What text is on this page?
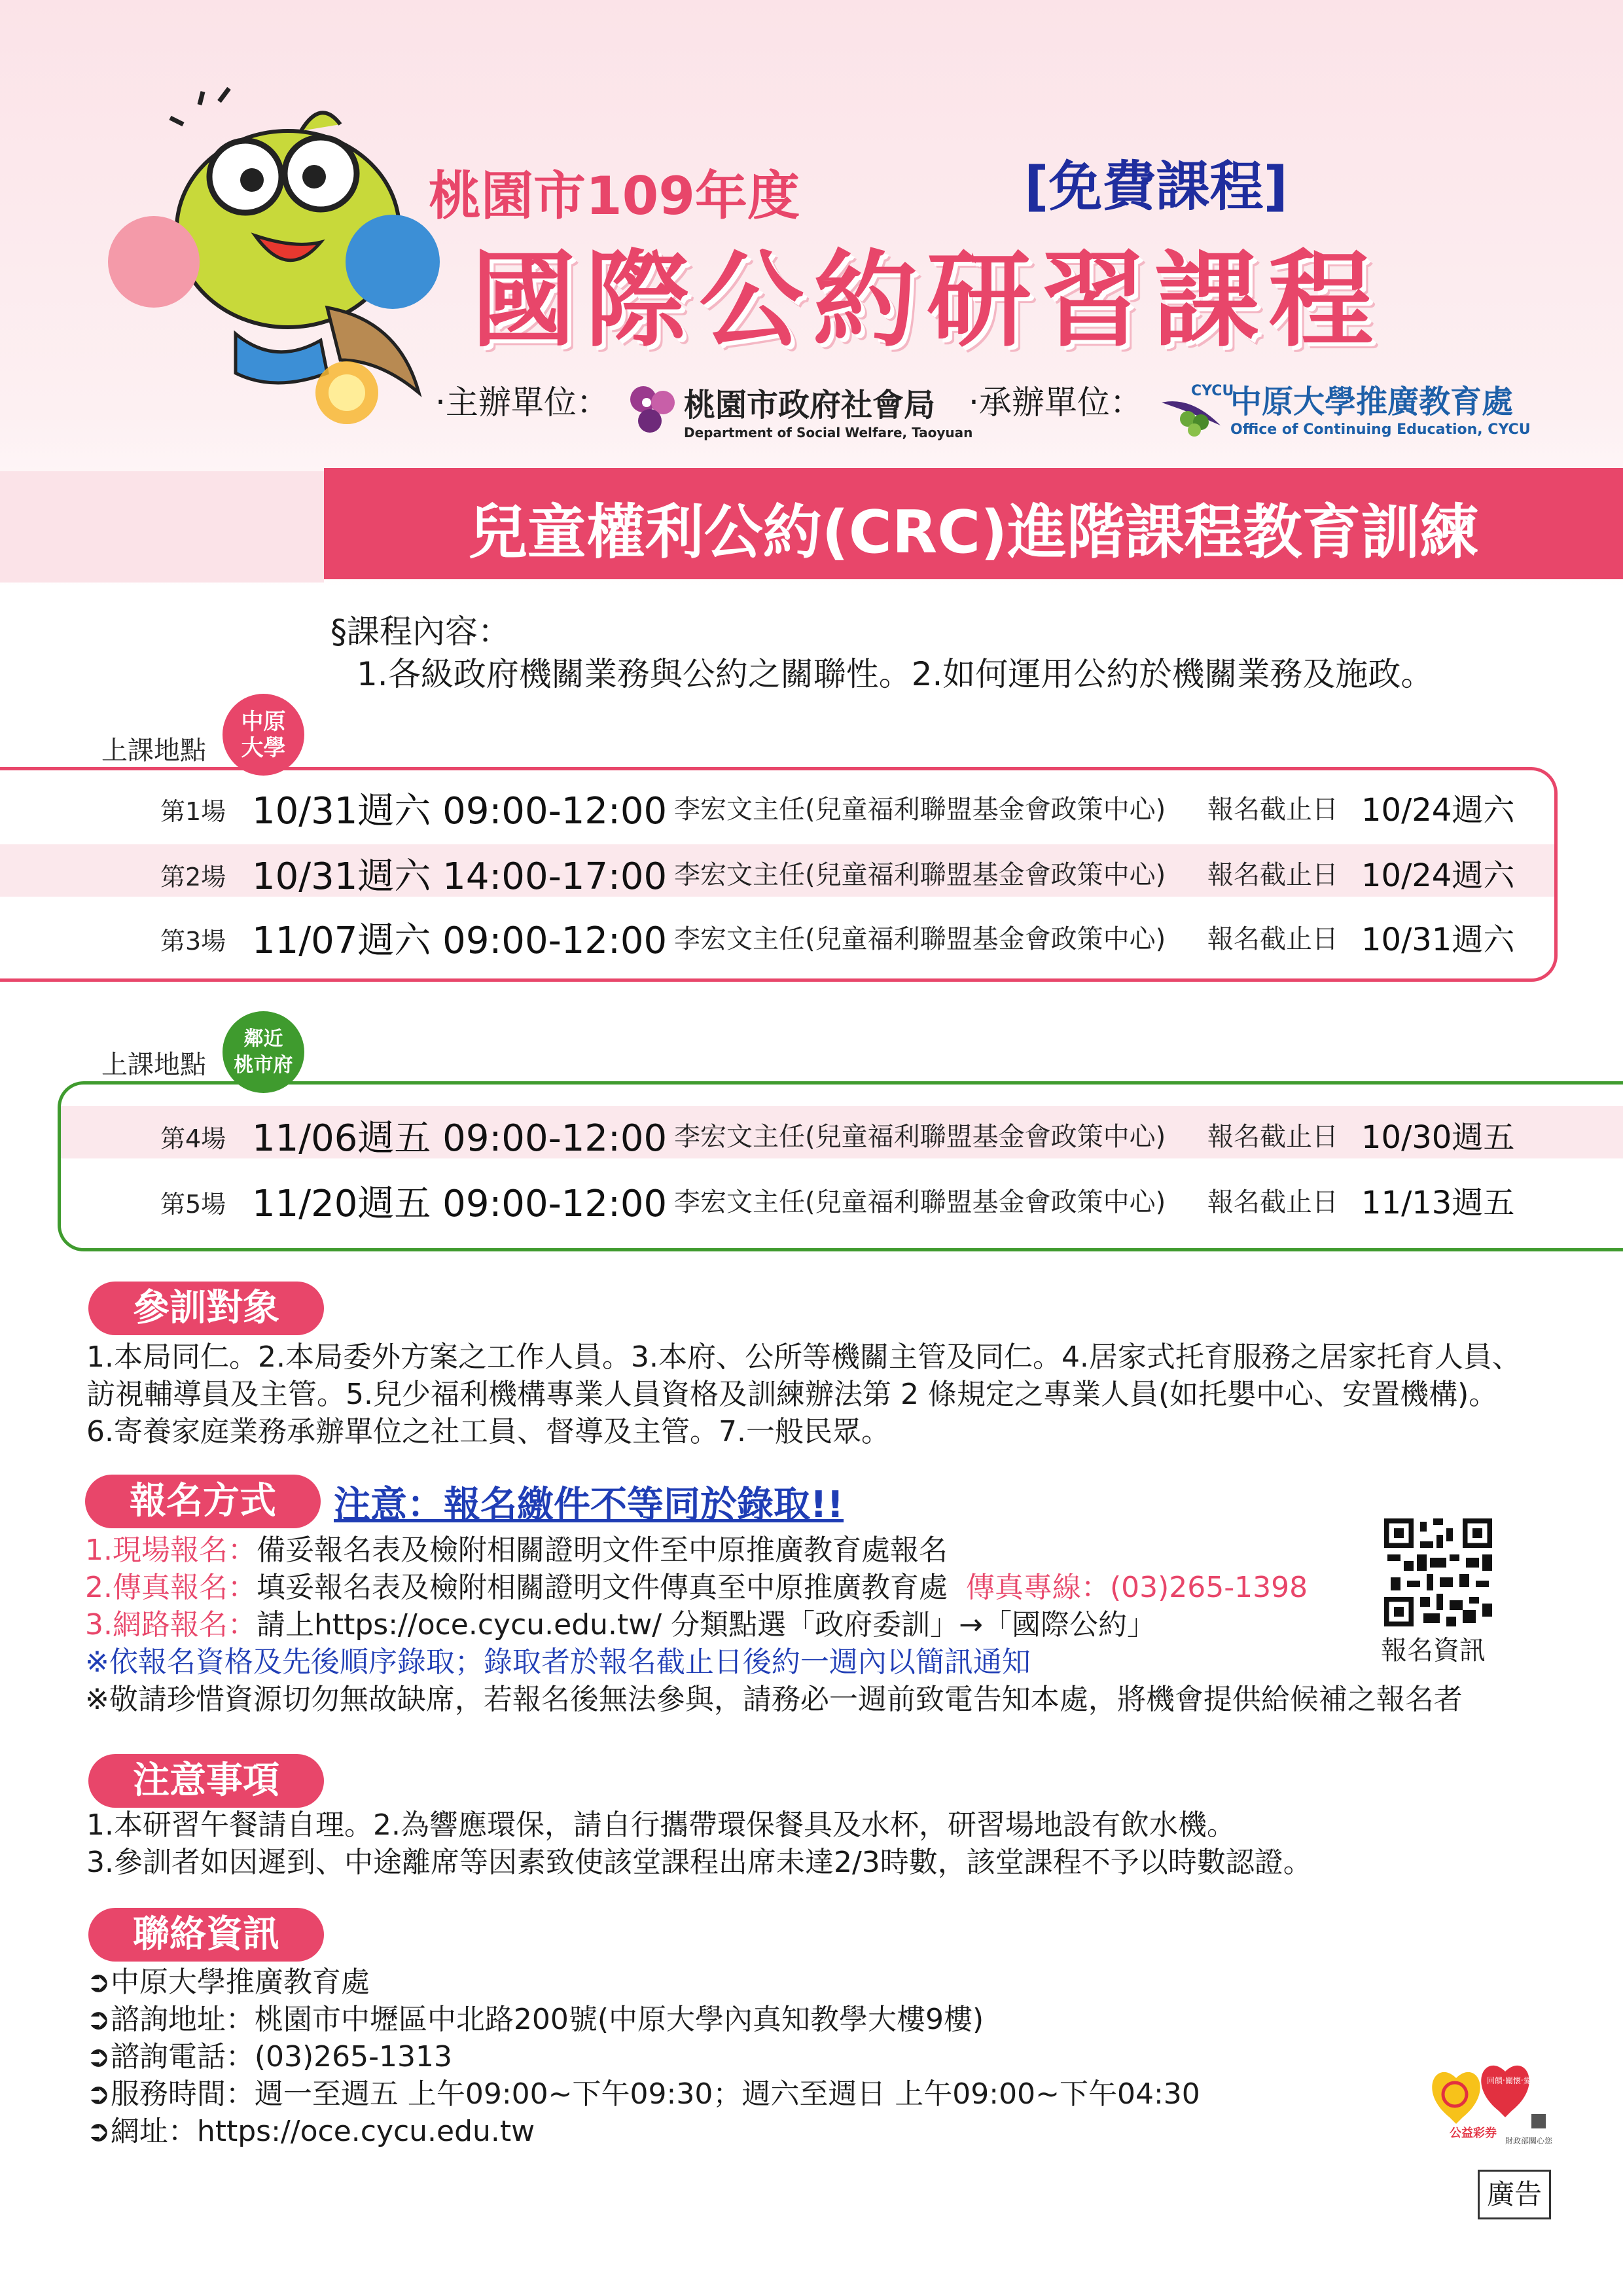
桃園市109年度	[免費課程]
國際公約研習課程
‧主辦單位： 桃園市政府社會局
Department of Social Welfare, Taoyuan
‧承辦單位：	CYCU
中原大學推廣教育處
Office of Continuing Education, CYCU
兒童權利公約(CRC)進階課程教育訓練
§課程內容：
1.各級政府機關業務與公約之關聯性。2.如何運用公約於機關業務及施政。
上課地點
中原
大學
第1場 10/31週六 09:00-12:00 李宏文主任(兒童福利聯盟基金會政策中心) 報名截止日 10/24週六
第2場 10/31週六 14:00-17:00 李宏文主任(兒童福利聯盟基金會政策中心) 報名截止日 10/24週六
第3場 11/07週六 09:00-12:00 李宏文主任(兒童福利聯盟基金會政策中心) 報名截止日 10/31週六
上課地點
鄰近
桃市府
第4場 11/06週五 09:00-12:00 李宏文主任(兒童福利聯盟基金會政策中心) 報名截止日 10/30週五
第5場 11/20週五 09:00-12:00 李宏文主任(兒童福利聯盟基金會政策中心) 報名截止日 11/13週五
參訓對象
1.本局同仁。2.本局委外方案之工作人員。3.本府、公所等機關主管及同仁。4.居家式托育服務之居家托育人員、
訪視輔導員及主管。5.兒少福利機構專業人員資格及訓練辦法第 2 條規定之專業人員(如托嬰中心、安置機構)。
6.寄養家庭業務承辦單位之社工員、督導及主管。7.一般民眾。
報名方式	注意：報名繳件不等同於錄取!!
1.現場報名：備妥報名表及檢附相關證明文件至中原推廣教育處報名
2.傳真報名：填妥報名表及檢附相關證明文件傳真至中原推廣教育處 傳真專線：(03)265-1398
3.網路報名：請上https://oce.cycu.edu.tw/ 分類點選「政府委訓」→「國際公約」
※依報名資格及先後順序錄取；錄取者於報名截止日後約一週內以簡訊通知
※敬請珍惜資源切勿無故缺席，若報名後無法參與，請務必一週前致電告知本處，將機會提供給候補之報名者
報名資訊
注意事項
1.本研習午餐請自理。2.為響應環保，請自行攜帶環保餐具及水杯，研習場地設有飲水機。
3.參訓者如因遲到、中途離席等因素致使該堂課程出席未達2/3時數，該堂課程不予以時數認證。
聯絡資訊
➲中原大學推廣教育處
➲諮詢地址：桃園市中壢區中北路200號(中原大學內真知教學大樓9樓)
➲諮詢電話：(03)265-1313
➲服務時間：週一至週五 上午09:00~下午09:30；週六至週日 上午09:00~下午04:30
➲網址：https://oce.cycu.edu.tw	公益彩券
回饋‧關懷‧愛
財政部關心您
廣告
